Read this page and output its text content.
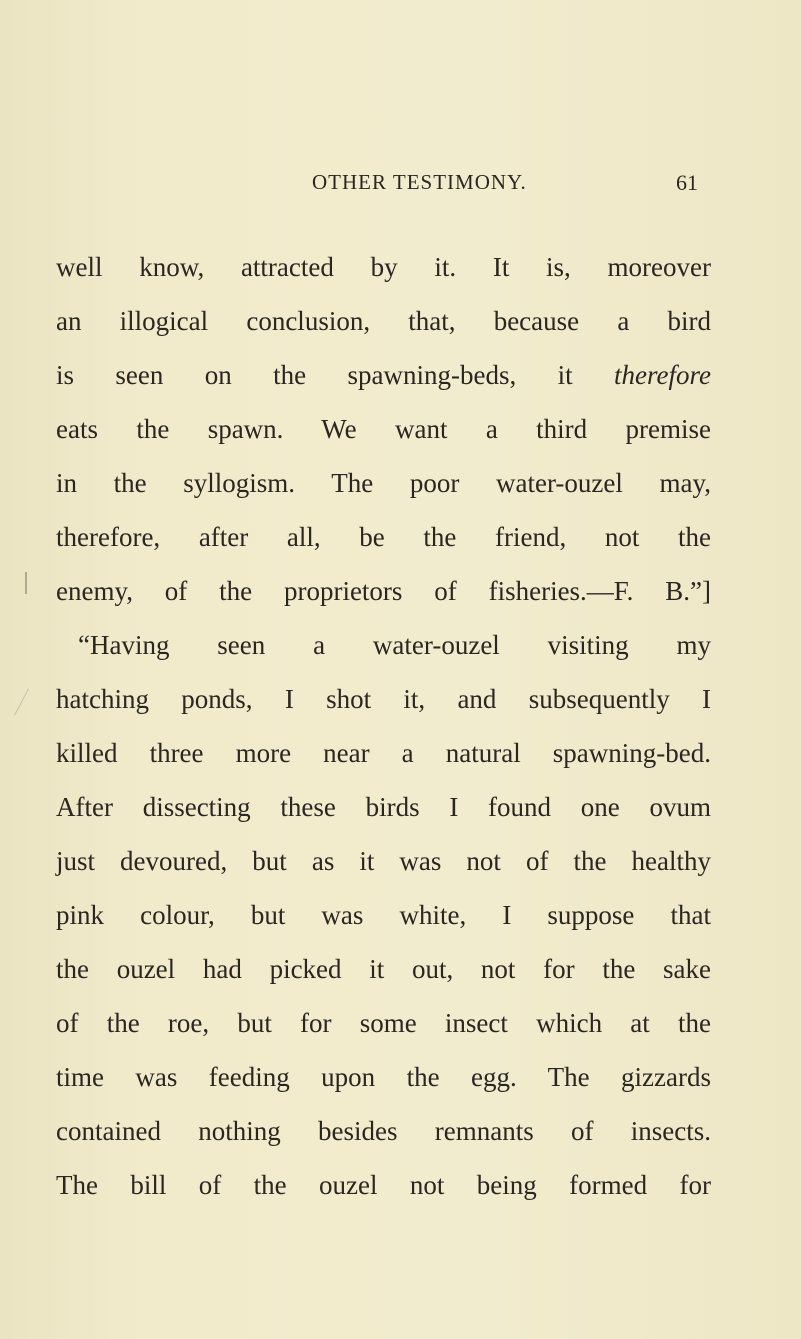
OTHER TESTIMONY.	61
well know, attracted by it. It is, moreover
an illogical conclusion, that, because a bird
is seen on the spawning-beds, it therefore
eats the spawn. We want a third premise
in the syllogism. The poor water-ouzel may,
therefore, after all, be the friend, not the
enemy, of the proprietors of fisheries.—F. B.”]
“Having seen a water-ouzel visiting my
hatching ponds, I shot it, and subsequently I
killed three more near a natural spawning-bed.
After dissecting these birds I found one ovum
just devoured, but as it was not of the healthy
pink colour, but was white, I suppose that
the ouzel had picked it out, not for the sake
of the roe, but for some insect which at the
time was feeding upon the egg. The gizzards
contained nothing besides remnants of insects.
The bill of the ouzel not being formed for
